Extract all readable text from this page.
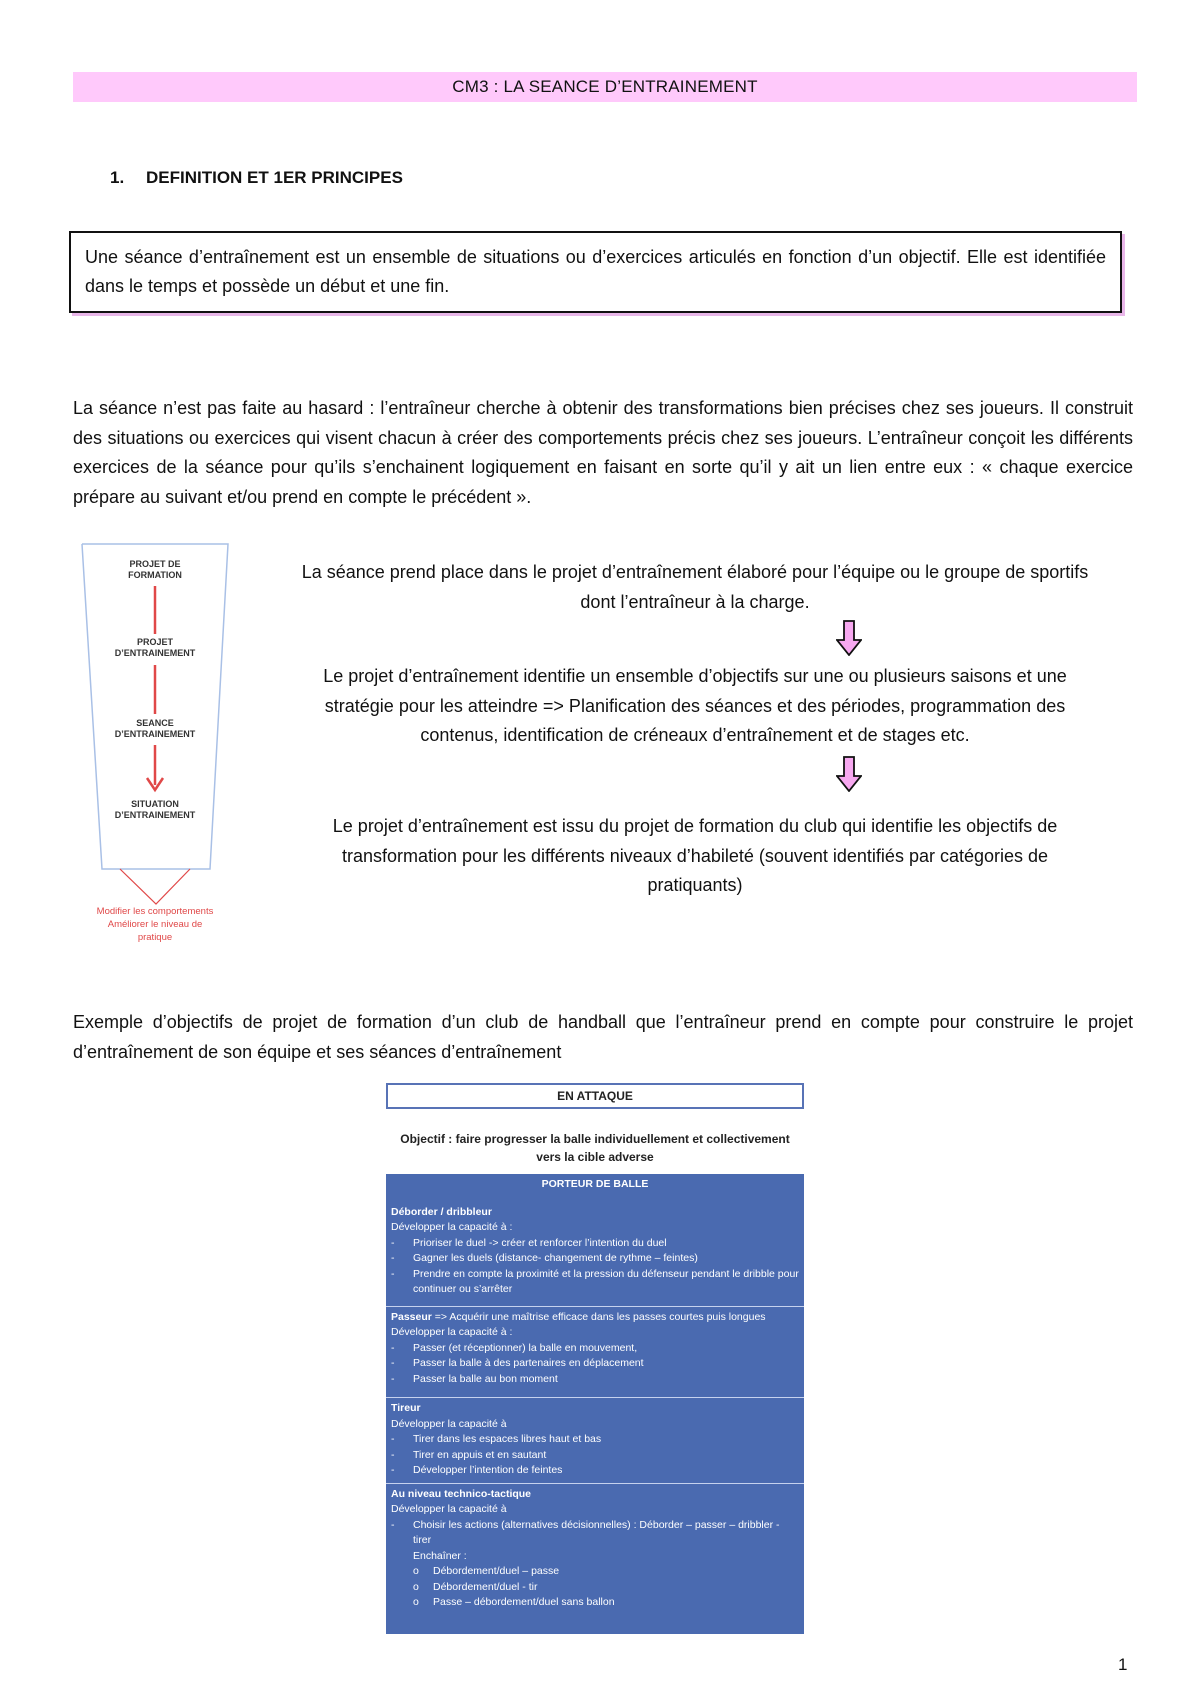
CM3 : LA SEANCE D’ENTRAINEMENT
1. DEFINITION ET 1ER PRINCIPES
Une séance d’entraînement est un ensemble de situations ou d’exercices articulés en fonction d’un objectif. Elle est identifiée dans le temps et possède un début et une fin.
La séance n’est pas faite au hasard : l’entraîneur cherche à obtenir des transformations bien précises chez ses joueurs. Il construit des situations ou exercices qui visent chacun à créer des comportements précis chez ses joueurs. L’entraîneur conçoit les différents exercices de la séance pour qu’ils s’enchainent logiquement en faisant en sorte qu’il y ait un lien entre eux : « chaque exercice prépare au suivant et/ou prend en compte le précédent ».
PROJET DE
FORMATION
PROJET
D’ENTRAINEMENT
SEANCE
D’ENTRAINEMENT
SITUATION
D’ENTRAINEMENT
Modifier les comportements
Améliorer le niveau de
pratique
La séance prend place dans le projet d’entraînement élaboré pour l’équipe ou le groupe de sportifs dont l’entraîneur à la charge.
Le projet d’entraînement identifie un ensemble d’objectifs sur une ou plusieurs saisons et une stratégie pour les atteindre => Planification des séances et des périodes, programmation des contenus, identification de créneaux d’entraînement et de stages etc.
Le projet d’entraînement est issu du projet de formation du club qui identifie les objectifs de transformation pour les différents niveaux d’habileté (souvent identifiés par catégories de pratiquants)
Exemple d’objectifs de projet de formation d’un club de handball que l’entraîneur prend en compte pour construire le projet d’entraînement de son équipe et ses séances d’entraînement
EN ATTAQUE
Objectif : faire progresser la balle individuellement et collectivement
vers la cible adverse
PORTEUR DE BALLE
Déborder / dribbleur
Développer la capacité à :
- Prioriser le duel -> créer et renforcer l’intention du duel
- Gagner les duels (distance- changement de rythme – feintes)
- Prendre en compte la proximité et la pression du défenseur pendant le dribble pour continuer ou s’arrêter
Passeur => Acquérir une maîtrise efficace dans les passes courtes puis longues
Développer la capacité à :
- Passer (et réceptionner) la balle en mouvement,
- Passer la balle à des partenaires en déplacement
- Passer la balle au bon moment
Tireur
Développer la capacité à
- Tirer dans les espaces libres haut et bas
- Tirer en appuis et en sautant
- Développer l’intention de feintes
Au niveau technico-tactique
Développer la capacité à
- Choisir les actions (alternatives décisionnelles) : Déborder – passer – dribbler - tirer
Enchaîner :
o Débordement/duel – passe
o Débordement/duel - tir
o Passe – débordement/duel sans ballon
1
